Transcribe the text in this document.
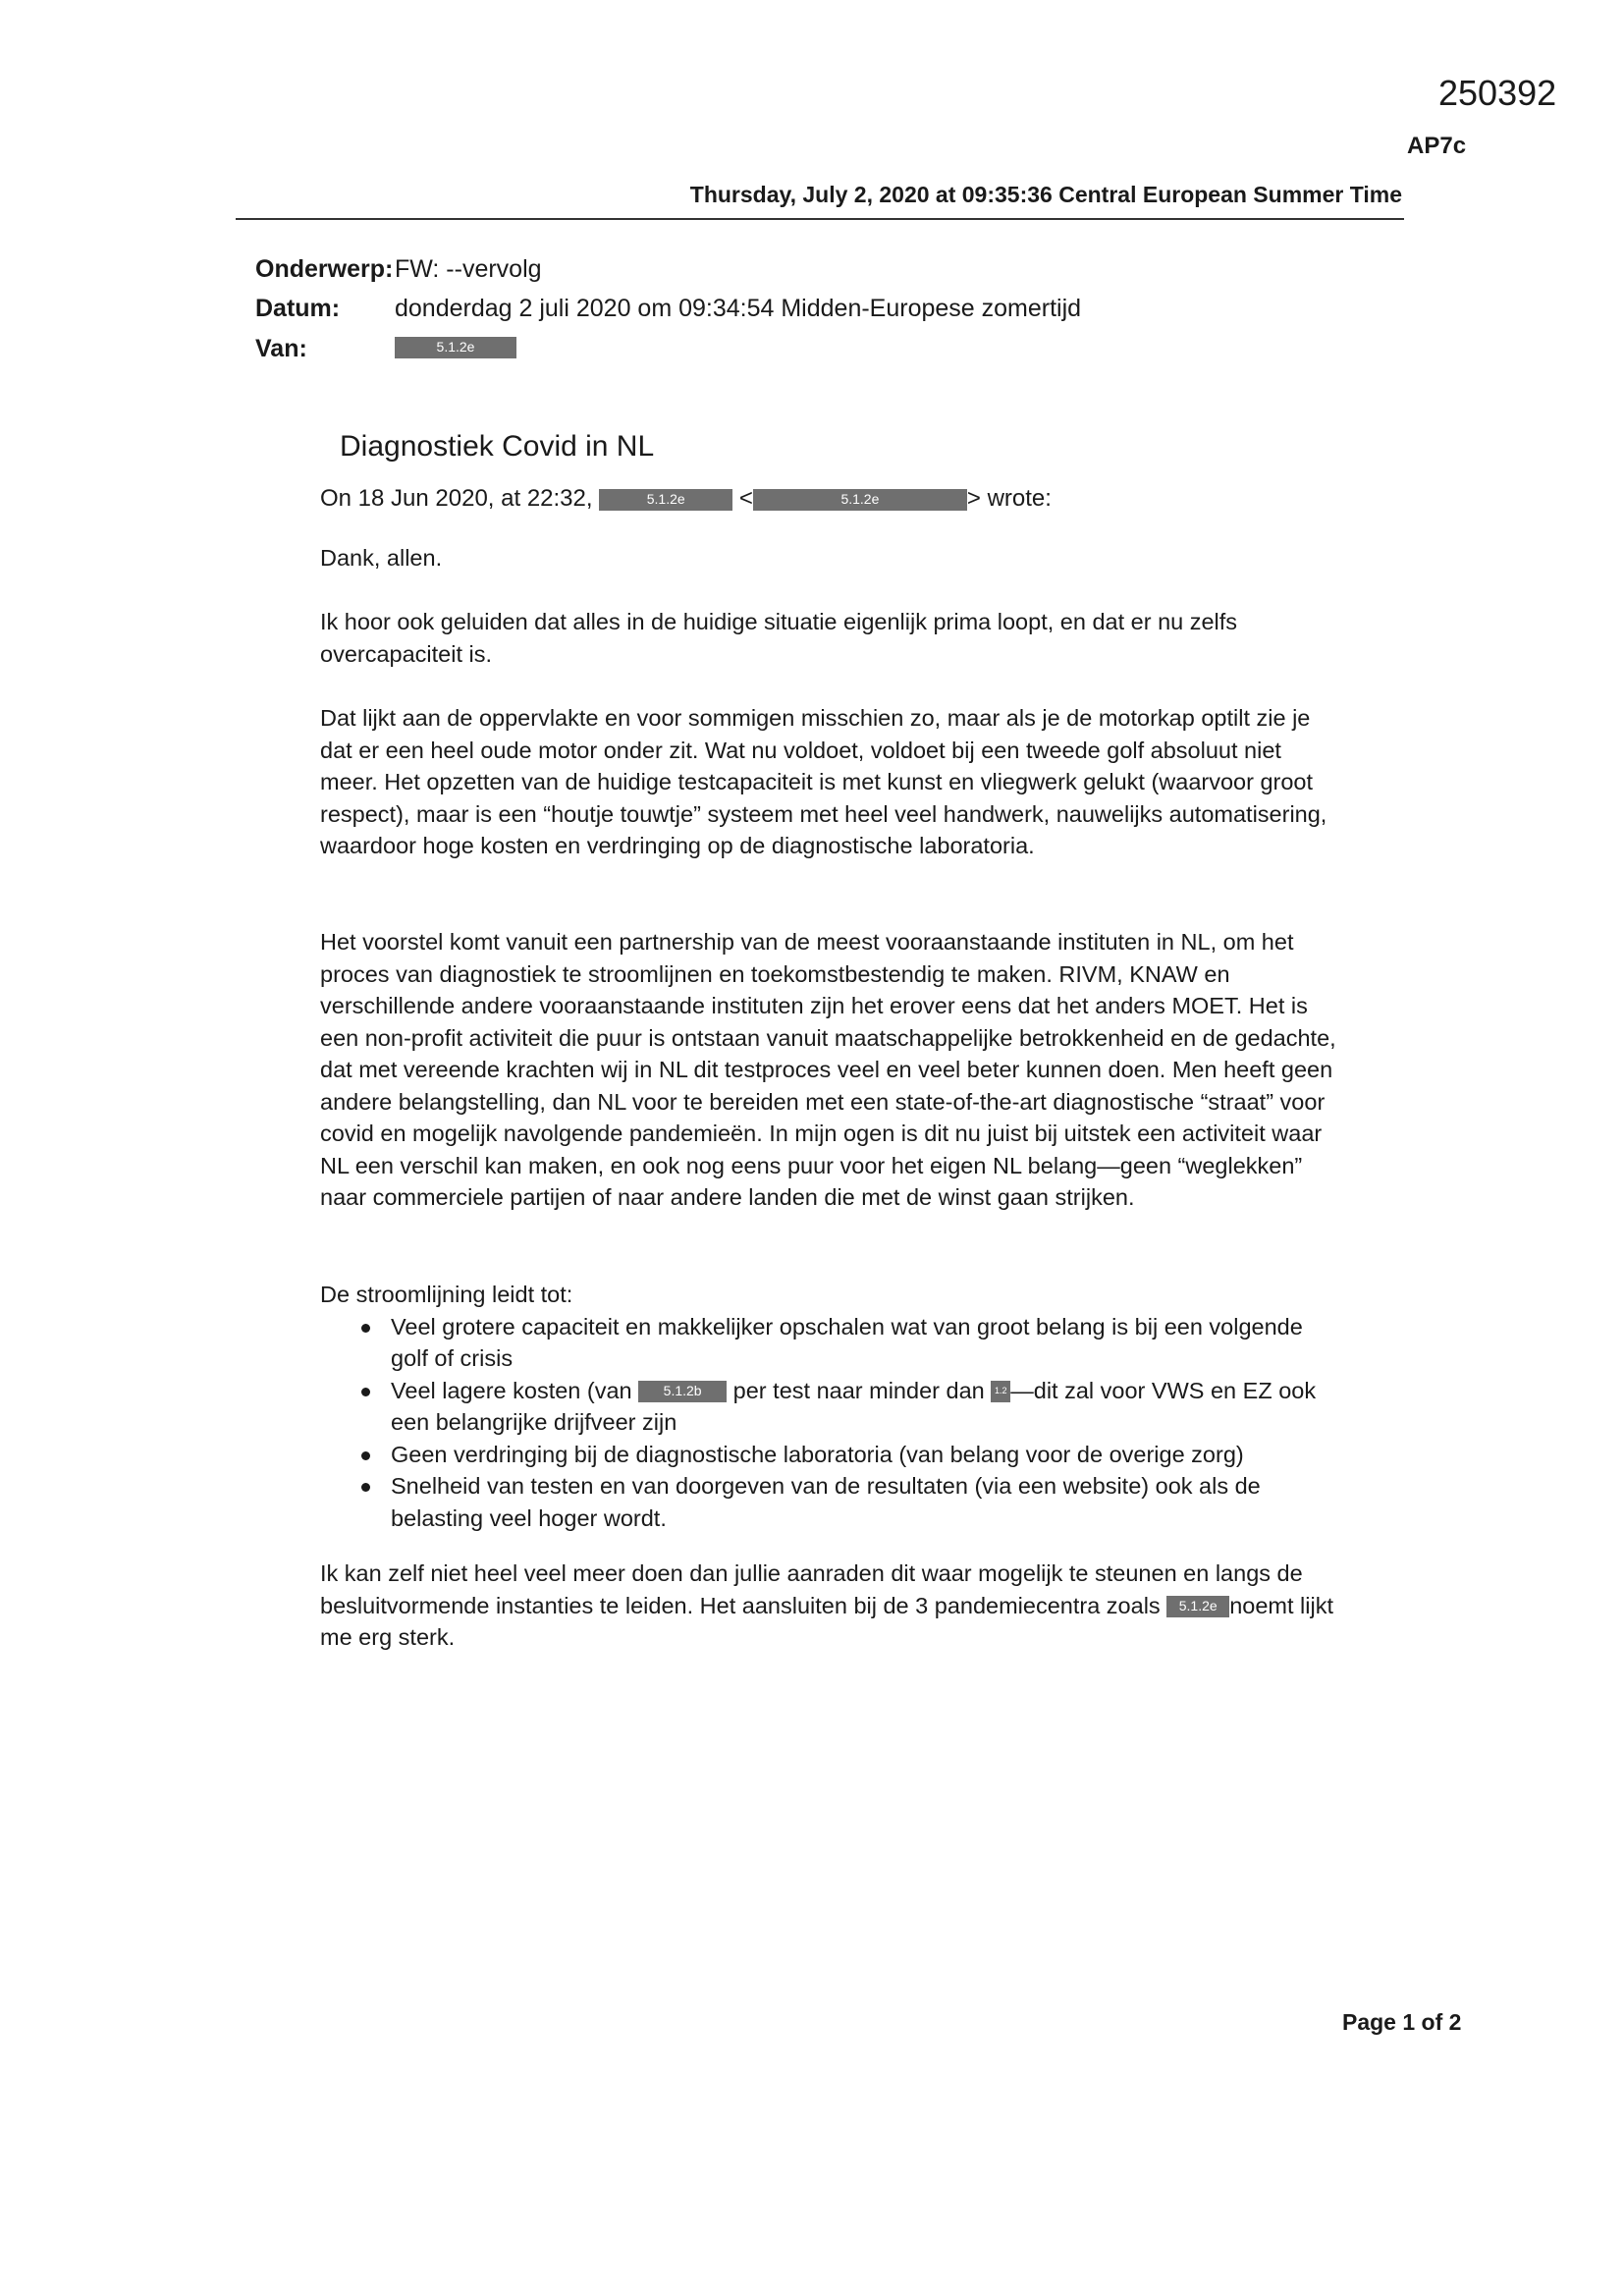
250392
AP7c
Thursday, July 2, 2020 at 09:35:36 Central European Summer Time
Onderwerp: FW: --vervolg
Datum: donderdag 2 juli 2020 om 09:34:54 Midden-Europese zomertijd
Van:	5.1.2e
Diagnostiek Covid in NL
On 18 Jun 2020, at 22:32,	5.1.2e <	5.1.2e	> wrote:
Dank, allen.
Ik hoor ook geluiden dat alles in de huidige situatie eigenlijk prima loopt, en dat er nu zelfs overcapaciteit is.
Dat lijkt aan de oppervlakte en voor sommigen misschien zo, maar als je de motorkap optilt zie je dat er een heel oude motor onder zit. Wat nu voldoet, voldoet bij een tweede golf absoluut niet meer. Het opzetten van de huidige testcapaciteit is met kunst en vliegwerk gelukt (waarvoor groot respect), maar is een “houtje touwtje” systeem met heel veel handwerk, nauwelijks automatisering, waardoor hoge kosten en verdringing op de diagnostische laboratoria.
Het voorstel komt vanuit een partnership van de meest vooraanstaande instituten in NL, om het proces van diagnostiek te stroomlijnen en toekomstbestendig te maken. RIVM, KNAW en verschillende andere vooraanstaande instituten zijn het erover eens dat het anders MOET. Het is een non-profit activiteit die puur is ontstaan vanuit maatschappelijke betrokkenheid en de gedachte, dat met vereende krachten wij in NL dit testproces veel en veel beter kunnen doen. Men heeft geen andere belangstelling, dan NL voor te bereiden met een state-of-the-art diagnostische “straat” voor covid en mogelijk navolgende pandemieën. In mijn ogen is dit nu juist bij uitstek een activiteit waar NL een verschil kan maken, en ook nog eens puur voor het eigen NL belang—geen “weglekken” naar commerciele partijen of naar andere landen die met de winst gaan strijken.

De stroomlijning leidt tot:

Veel grotere capaciteit en makkelijker opschalen wat van groot belang is bij een volgende golf of crisis
Veel lagere kosten (van 5.1.2b per test naar minder dan 1.2 —dit zal voor VWS en EZ ook een belangrijke drijfveer zijn
Geen verdringing bij de diagnostische laboratoria (van belang voor de overige zorg)
Snelheid van testen en van doorgeven van de resultaten (via een website) ook als de belasting veel hoger wordt.
Ik kan zelf niet heel veel meer doen dan jullie aanraden dit waar mogelijk te steunen en langs de besluitvormende instanties te leiden. Het aansluiten bij de 3 pandemiecentra zoals 5.1.2e noemt lijkt me erg sterk.
Page 1 of 2
